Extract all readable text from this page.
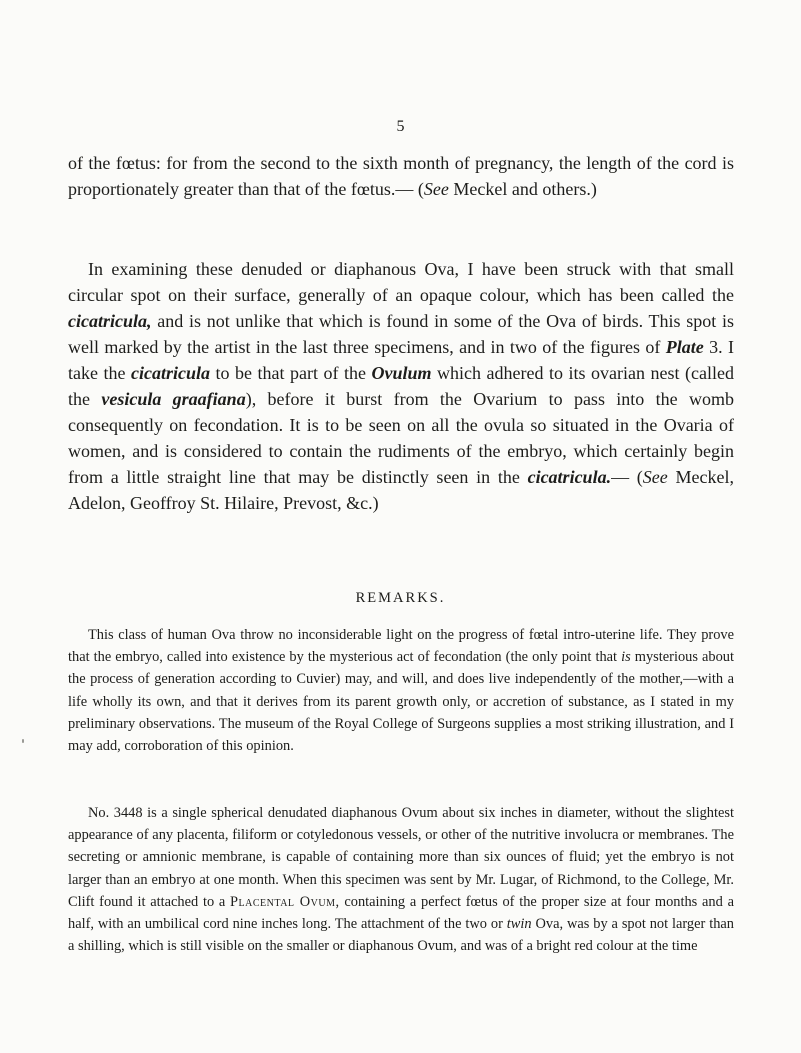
5

of the fœtus: for from the second to the sixth month of pregnancy, the length of the cord is proportionately greater than that of the fœtus.— (See Meckel and others.)

In examining these denuded or diaphanous Ova, I have been struck with that small circular spot on their surface, generally of an opaque colour, which has been called the cicatricula, and is not unlike that which is found in some of the Ova of birds. This spot is well marked by the artist in the last three specimens, and in two of the figures of Plate 3. I take the cicatricula to be that part of the Ovulum which adhered to its ovarian nest (called the vesicula graafiana), before it burst from the Ovarium to pass into the womb consequently on fecondation. It is to be seen on all the ovula so situated in the Ovaria of women, and is considered to contain the rudiments of the embryo, which certainly begin from a little straight line that may be distinctly seen in the cicatricula.— (See Meckel, Adelon, Geoffroy St. Hilaire, Prevost, &c.)

REMARKS.

This class of human Ova throw no inconsiderable light on the progress of fœtal intro-uterine life. They prove that the embryo, called into existence by the mysterious act of fecondation (the only point that is mysterious about the process of generation according to Cuvier) may, and will, and does live independently of the mother,—with a life wholly its own, and that it derives from its parent growth only, or accretion of substance, as I stated in my preliminary observations. The museum of the Royal College of Surgeons supplies a most striking illustration, and I may add, corroboration of this opinion.

No. 3448 is a single spherical denudated diaphanous Ovum about six inches in diameter, without the slightest appearance of any placenta, filiform or cotyledonous vessels, or other of the nutritive involucra or membranes. The secreting or amnionic membrane, is capable of containing more than six ounces of fluid; yet the embryo is not larger than an embryo at one month. When this specimen was sent by Mr. Lugar, of Richmond, to the College, Mr. Clift found it attached to a Placental Ovum, containing a perfect fœtus of the proper size at four months and a half, with an umbilical cord nine inches long. The attachment of the two or twin Ova, was by a spot not larger than a shilling, which is still visible on the smaller or diaphanous Ovum, and was of a bright red colour at the time
